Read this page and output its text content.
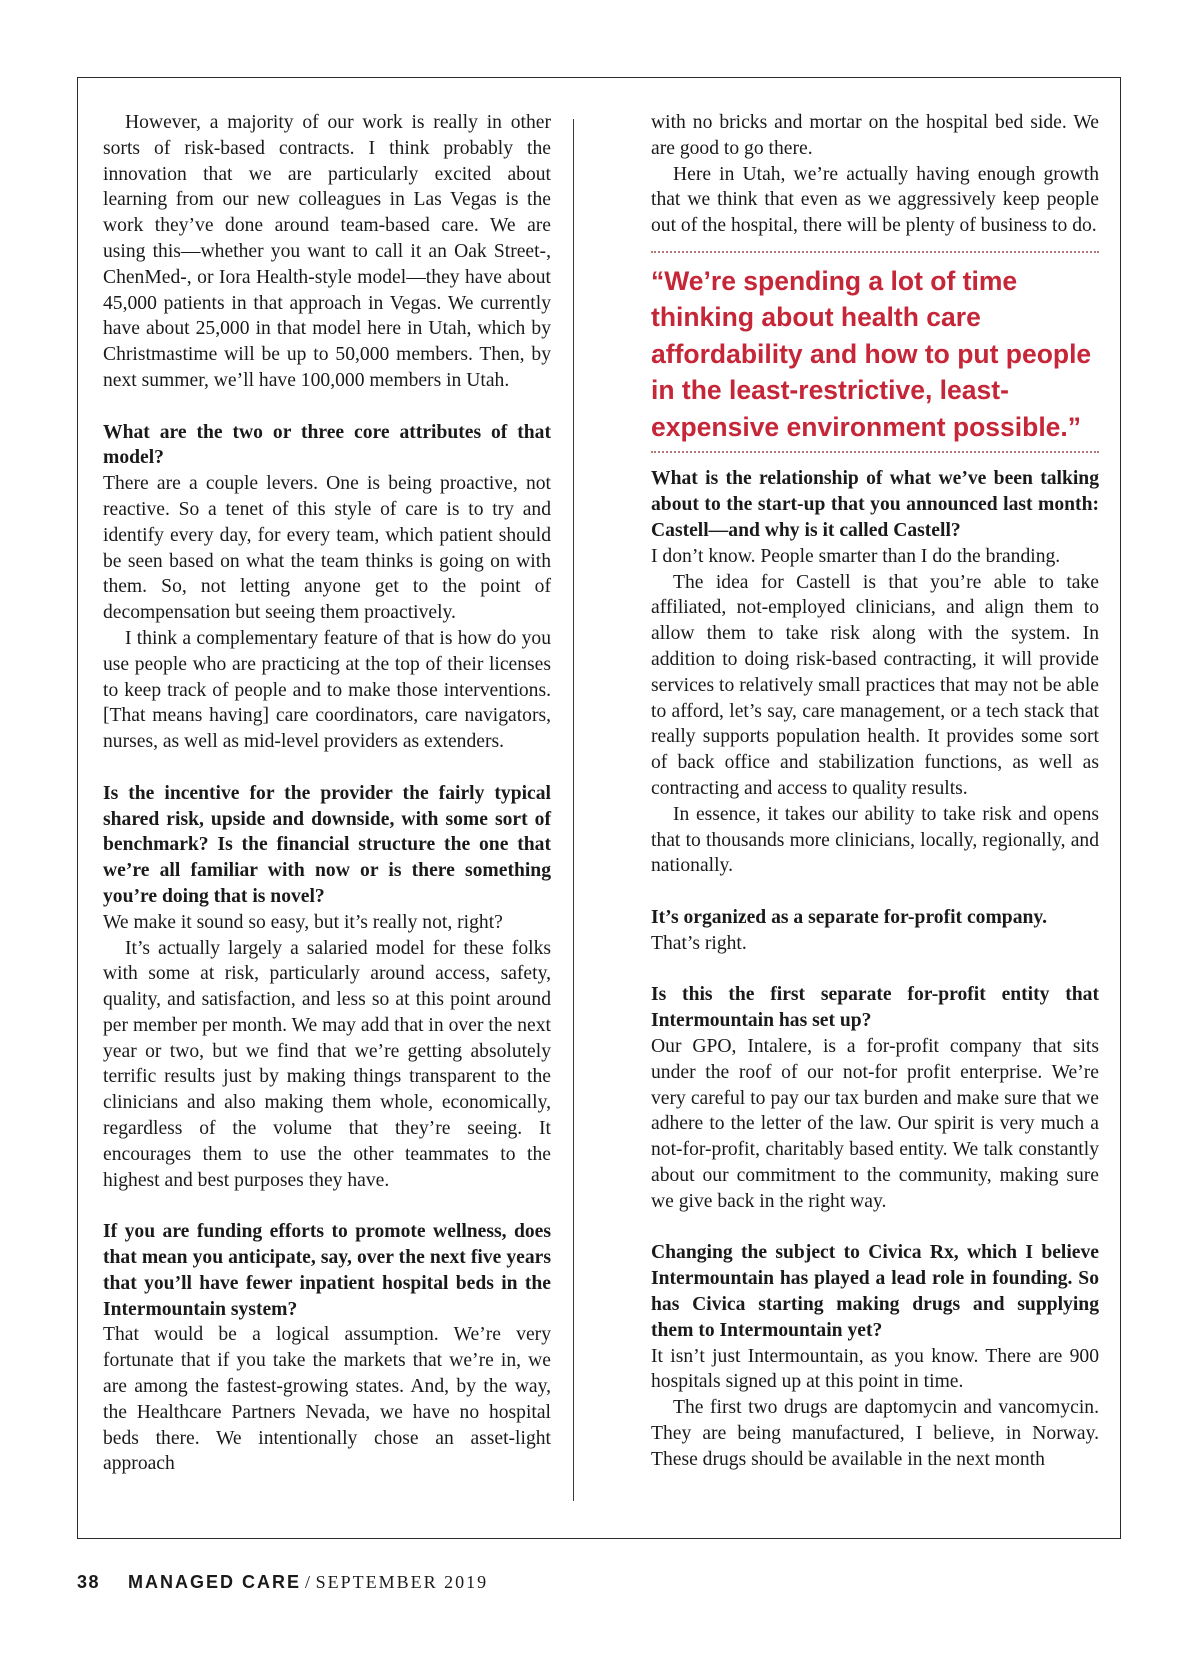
However, a majority of our work is really in other sorts of risk-based contracts. I think probably the innovation that we are particularly excited about learning from our new colleagues in Las Vegas is the work they’ve done around team-based care. We are using this—whether you want to call it an Oak Street-, ChenMed-, or Iora Health-style model—they have about 45,000 patients in that approach in Vegas. We currently have about 25,000 in that model here in Utah, which by Christmastime will be up to 50,000 members. Then, by next summer, we’ll have 100,000 members in Utah.

What are the two or three core attributes of that model?

There are a couple levers. One is being proactive, not reactive. So a tenet of this style of care is to try and identify every day, for every team, which patient should be seen based on what the team thinks is going on with them. So, not letting anyone get to the point of decompensation but seeing them proactively.

I think a complementary feature of that is how do you use people who are practicing at the top of their licenses to keep track of people and to make those interventions. [That means having] care coordinators, care navigators, nurses, as well as mid-level providers as extenders.

Is the incentive for the provider the fairly typical shared risk, upside and downside, with some sort of benchmark? Is the financial structure the one that we’re all familiar with now or is there something you’re doing that is novel?

We make it sound so easy, but it’s really not, right?

It’s actually largely a salaried model for these folks with some at risk, particularly around access, safety, quality, and satisfaction, and less so at this point around per member per month. We may add that in over the next year or two, but we find that we’re getting absolutely terrific results just by making things transparent to the clinicians and also making them whole, economically, regardless of the volume that they’re seeing. It encourages them to use the other teammates to the highest and best purposes they have.

If you are funding efforts to promote wellness, does that mean you anticipate, say, over the next five years that you’ll have fewer inpatient hospital beds in the Intermountain system?

That would be a logical assumption. We’re very fortunate that if you take the markets that we’re in, we are among the fastest-growing states. And, by the way, the Healthcare Partners Nevada, we have no hospital beds there. We intentionally chose an asset-light approach

with no bricks and mortar on the hospital bed side. We are good to go there.

Here in Utah, we’re actually having enough growth that we think that even as we aggressively keep people out of the hospital, there will be plenty of business to do.

“We’re spending a lot of time thinking about health care affordability and how to put people in the least-restrictive, least-expensive environment possible.”

What is the relationship of what we’ve been talking about to the start-up that you announced last month: Castell—and why is it called Castell?

I don’t know. People smarter than I do the branding.

The idea for Castell is that you’re able to take affiliated, not-employed clinicians, and align them to allow them to take risk along with the system. In addition to doing risk-based contracting, it will provide services to relatively small practices that may not be able to afford, let’s say, care management, or a tech stack that really supports population health. It provides some sort of back office and stabilization functions, as well as contracting and access to quality results.

In essence, it takes our ability to take risk and opens that to thousands more clinicians, locally, regionally, and nationally.

It’s organized as a separate for-profit company.

That’s right.

Is this the first separate for-profit entity that Intermountain has set up?

Our GPO, Intalere, is a for-profit company that sits under the roof of our not-for profit enterprise. We’re very careful to pay our tax burden and make sure that we adhere to the letter of the law. Our spirit is very much a not-for-profit, charitably based entity. We talk constantly about our commitment to the community, making sure we give back in the right way.

Changing the subject to Civica Rx, which I believe Intermountain has played a lead role in founding. So has Civica starting making drugs and supplying them to Intermountain yet?

It isn’t just Intermountain, as you know. There are 900 hospitals signed up at this point in time.

The first two drugs are daptomycin and vancomycin. They are being manufactured, I believe, in Norway. These drugs should be available in the next month

38 MANAGED CARE / SEPTEMBER 2019
